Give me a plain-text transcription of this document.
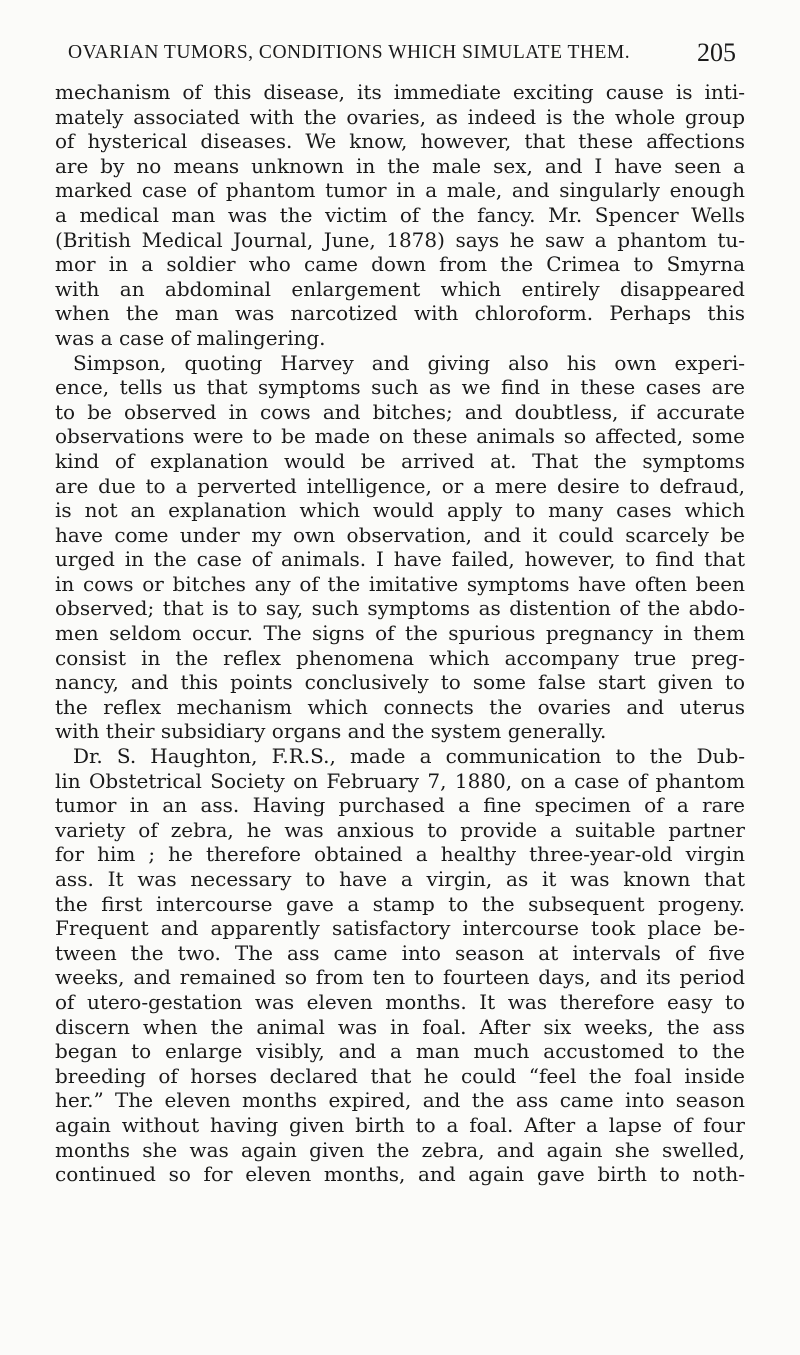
OVARIAN TUMORS, CONDITIONS WHICH SIMULATE THEM.	205
mechanism of this disease, its immediate exciting cause is inti-
mately associated with the ovaries, as indeed is the whole group
of hysterical diseases. We know, however, that these affections
are by no means unknown in the male sex, and I have seen a
marked case of phantom tumor in a male, and singularly enough
a medical man was the victim of the fancy. Mr. Spencer Wells
(British Medical Journal, June, 1878) says he saw a phantom tu-
mor in a soldier who came down from the Crimea to Smyrna
with an abdominal enlargement which entirely disappeared
when the man was narcotized with chloroform. Perhaps this
was a case of malingering.
Simpson, quoting Harvey and giving also his own experi-
ence, tells us that symptoms such as we find in these cases are
to be observed in cows and bitches; and doubtless, if accurate
observations were to be made on these animals so affected, some
kind of explanation would be arrived at. That the symptoms
are due to a perverted intelligence, or a mere desire to defraud,
is not an explanation which would apply to many cases which
have come under my own observation, and it could scarcely be
urged in the case of animals. I have failed, however, to find that
in cows or bitches any of the imitative symptoms have often been
observed; that is to say, such symptoms as distention of the abdo-
men seldom occur. The signs of the spurious pregnancy in them
consist in the reflex phenomena which accompany true preg-
nancy, and this points conclusively to some false start given to
the reflex mechanism which connects the ovaries and uterus
with their subsidiary organs and the system generally.
Dr. S. Haughton, F.R.S., made a communication to the Dub-
lin Obstetrical Society on February 7, 1880, on a case of phantom
tumor in an ass. Having purchased a fine specimen of a rare
variety of zebra, he was anxious to provide a suitable partner
for him ; he therefore obtained a healthy three-year-old virgin
ass. It was necessary to have a virgin, as it was known that
the first intercourse gave a stamp to the subsequent progeny.
Frequent and apparently satisfactory intercourse took place be-
tween the two. The ass came into season at intervals of five
weeks, and remained so from ten to fourteen days, and its period
of utero-gestation was eleven months. It was therefore easy to
discern when the animal was in foal. After six weeks, the ass
began to enlarge visibly, and a man much accustomed to the
breeding of horses declared that he could “feel the foal inside
her.” The eleven months expired, and the ass came into season
again without having given birth to a foal. After a lapse of four
months she was again given the zebra, and again she swelled,
continued so for eleven months, and again gave birth to noth-
